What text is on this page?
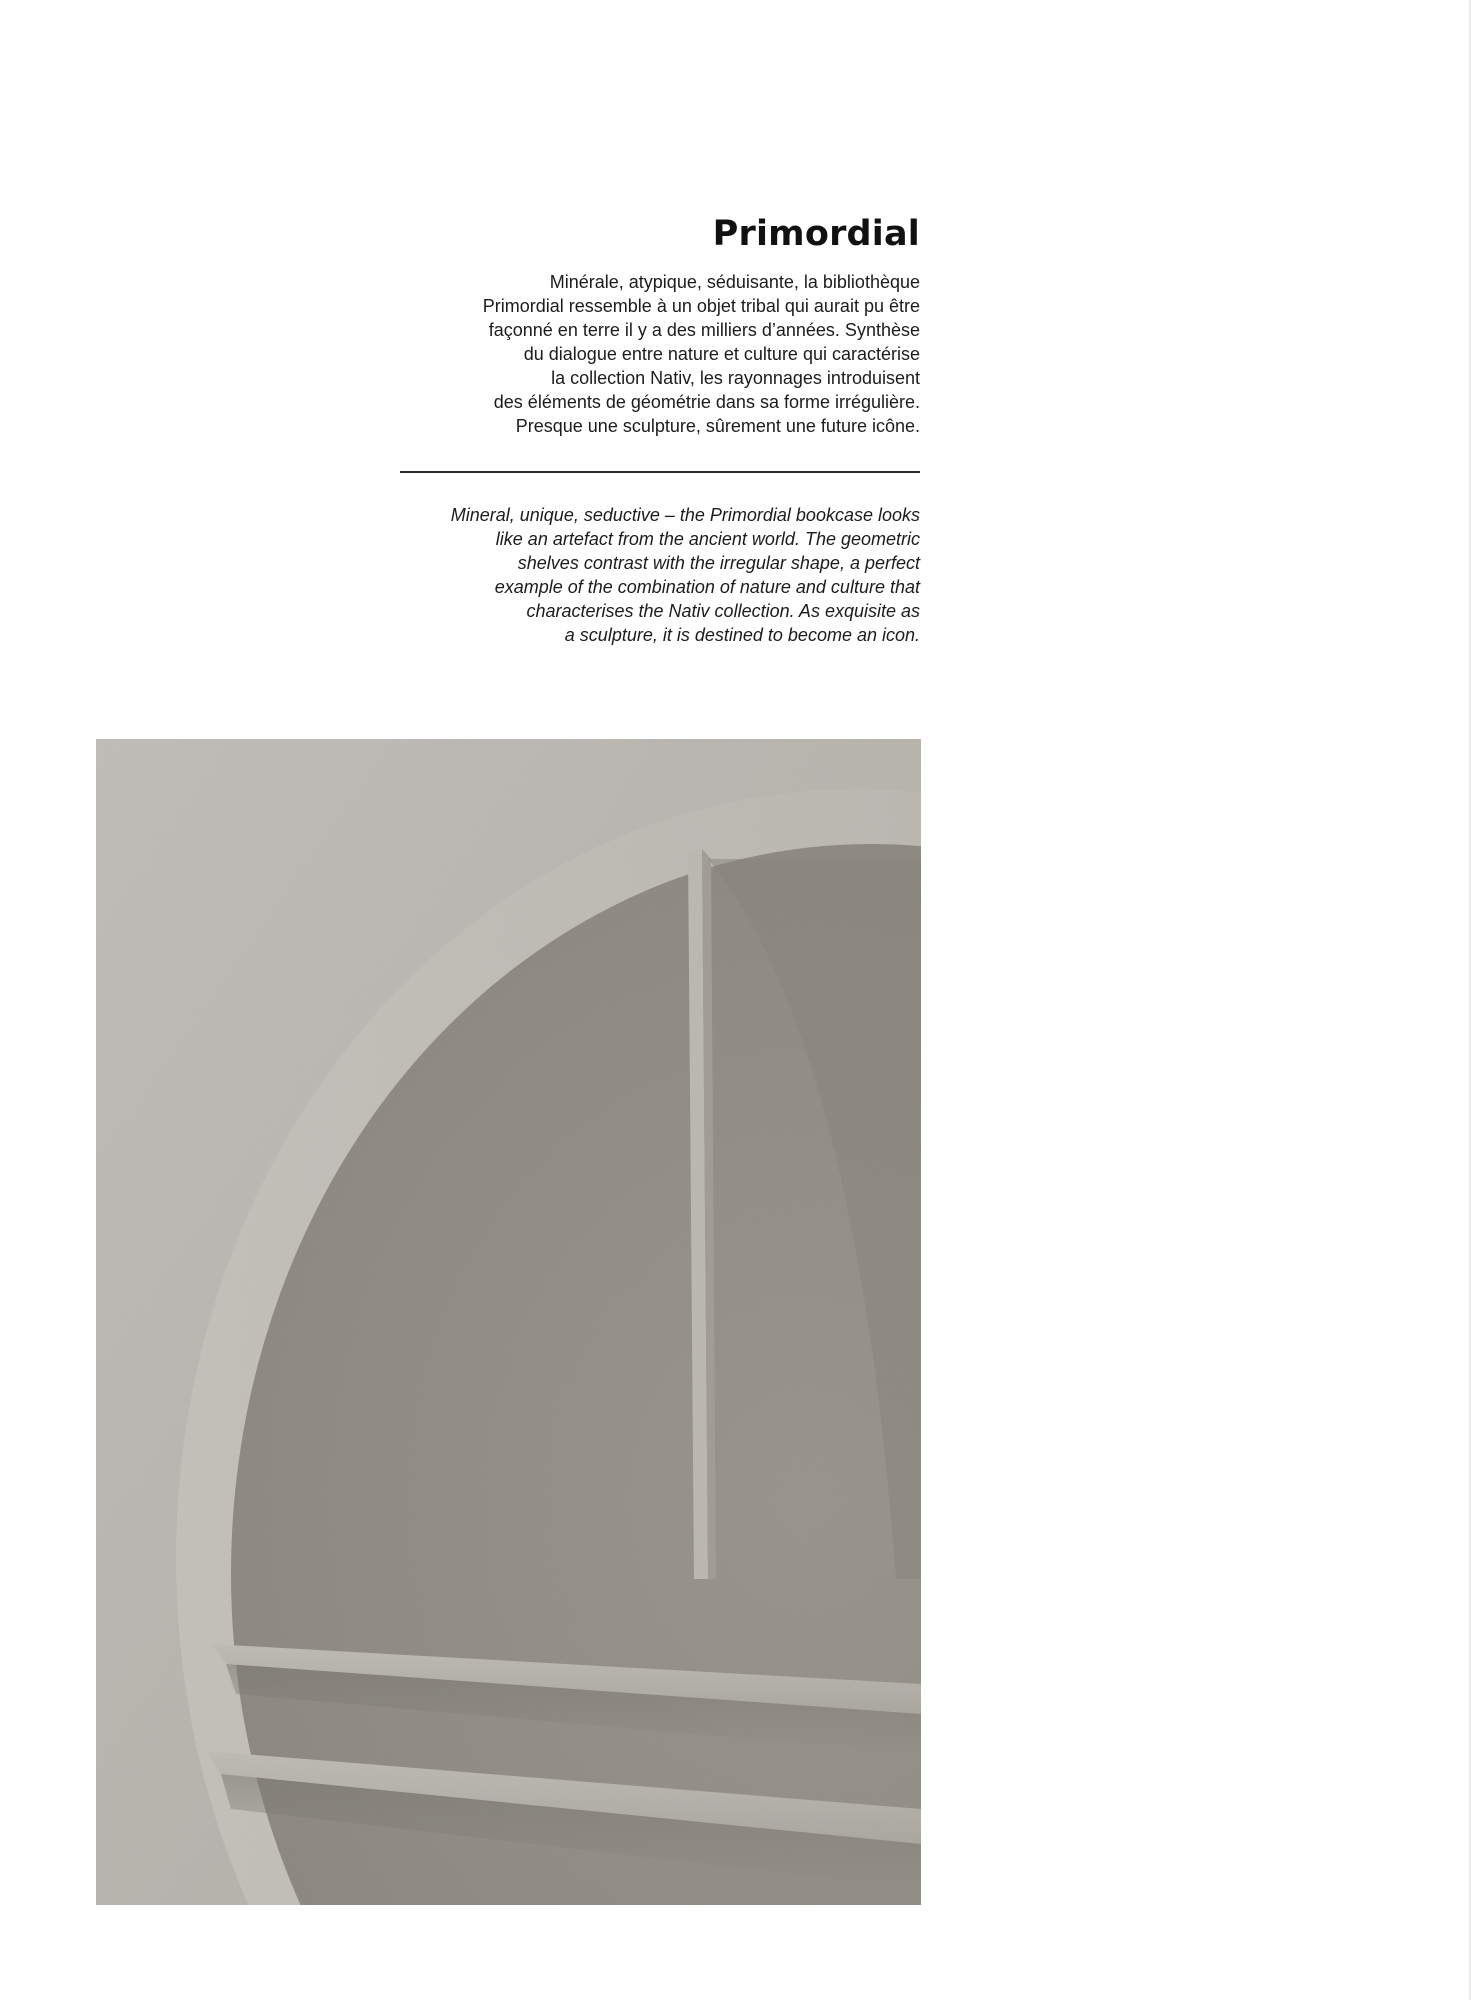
Primordial

Minérale, atypique, séduisante, la bibliothèque
Primordial ressemble à un objet tribal qui aurait pu être
façonné en terre il y a des milliers d’années. Synthèse
du dialogue entre nature et culture qui caractérise
la collection Nativ, les rayonnages introduisent
des éléments de géométrie dans sa forme irrégulière.
Presque une sculpture, sûrement une future icône.

Mineral, unique, seductive – the Primordial bookcase looks
like an artefact from the ancient world. The geometric
shelves contrast with the irregular shape, a perfect
example of the combination of nature and culture that
characterises the Nativ collection. As exquisite as
a sculpture, it is destined to become an icon.
